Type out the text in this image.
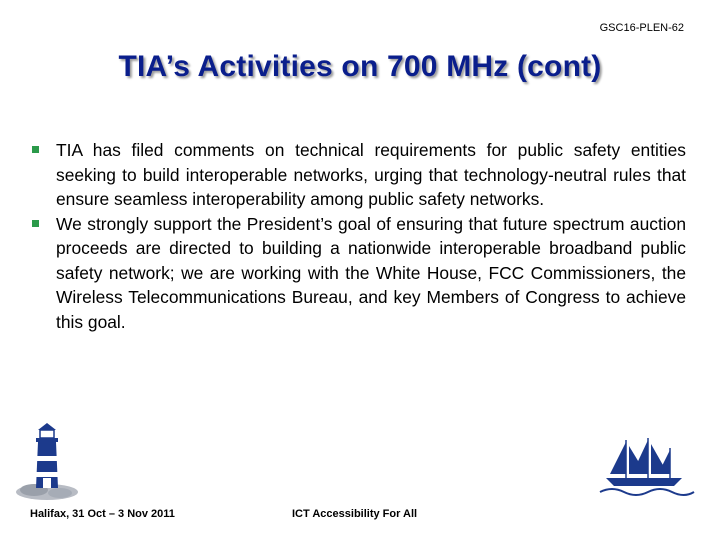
GSC16-PLEN-62
TIA’s Activities on 700 MHz (cont)
TIA has filed comments on technical requirements for public safety entities seeking to build interoperable networks, urging that technology-neutral rules that ensure seamless interoperability among public safety networks.
We strongly support the President’s goal of ensuring that future spectrum auction proceeds are directed to building a nationwide interoperable broadband public safety network; we are working with the White House, FCC Commissioners, the Wireless Telecommunications Bureau, and key Members of Congress to achieve this goal.
Halifax, 31 Oct – 3 Nov 2011	ICT Accessibility For All
